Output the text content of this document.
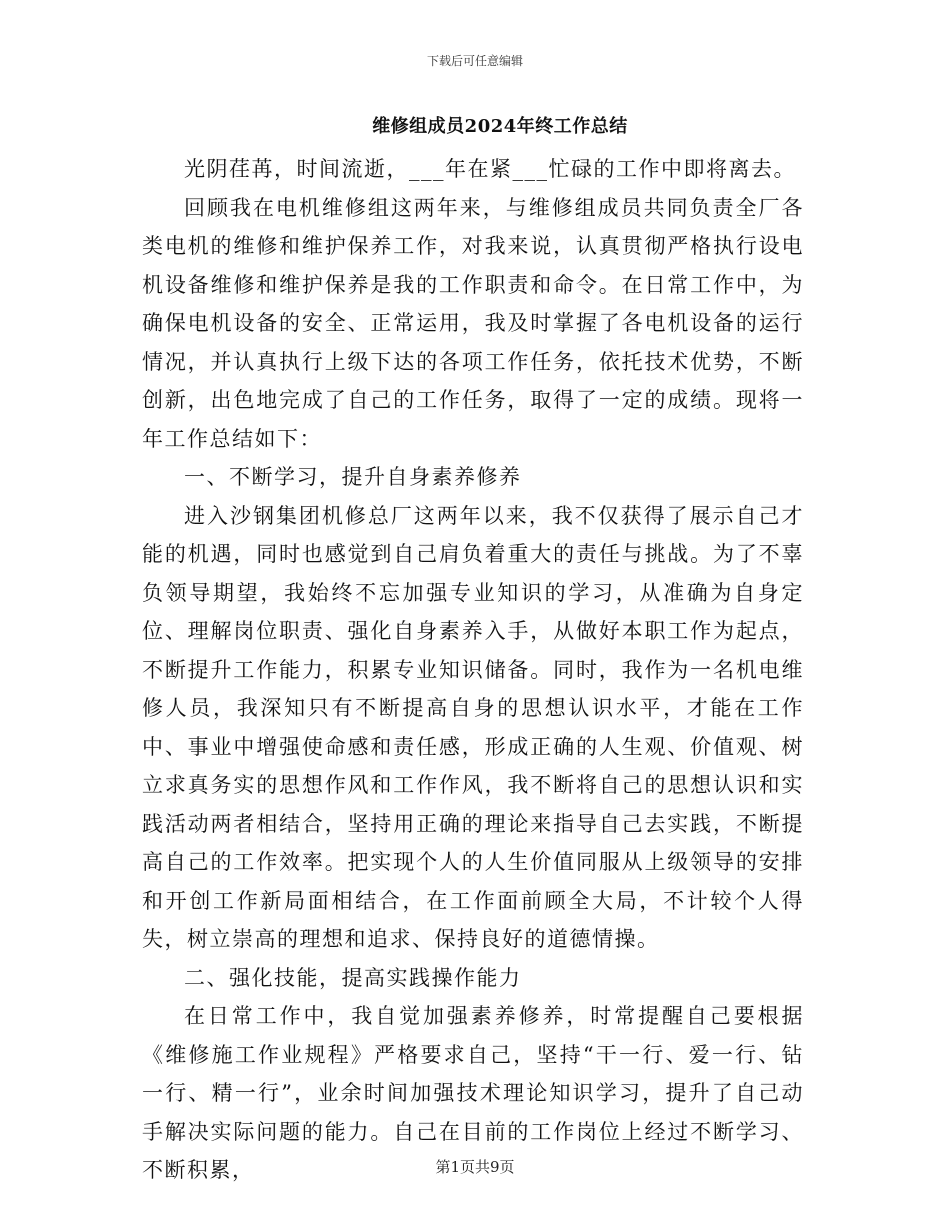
下载后可任意编辑
维修组成员2024年终工作总结

光阴荏苒，时间流逝，___年在紧___忙碌的工作中即将离去。

回顾我在电机维修组这两年来，与维修组成员共同负责全厂各类电机的维修和维护保养工作，对我来说，认真贯彻严格执行设电机设备维修和维护保养是我的工作职责和命令。在日常工作中，为确保电机设备的安全、正常运用，我及时掌握了各电机设备的运行情况，并认真执行上级下达的各项工作任务，依托技术优势，不断创新，出色地完成了自己的工作任务，取得了一定的成绩。现将一年工作总结如下：

一、不断学习，提升自身素养修养

进入沙钢集团机修总厂这两年以来，我不仅获得了展示自己才能的机遇，同时也感觉到自己肩负着重大的责任与挑战。为了不辜负领导期望，我始终不忘加强专业知识的学习，从准确为自身定位、理解岗位职责、强化自身素养入手，从做好本职工作为起点，不断提升工作能力，积累专业知识储备。同时，我作为一名机电维修人员，我深知只有不断提高自身的思想认识水平，才能在工作中、事业中增强使命感和责任感，形成正确的人生观、价值观、树立求真务实的思想作风和工作作风，我不断将自己的思想认识和实践活动两者相结合，坚持用正确的理论来指导自己去实践，不断提高自己的工作效率。把实现个人的人生价值同服从上级领导的安排和开创工作新局面相结合，在工作面前顾全大局，不计较个人得失，树立崇高的理想和追求、保持良好的道德情操。

二、强化技能，提高实践操作能力

在日常工作中，我自觉加强素养修养，时常提醒自己要根据《维修施工作业规程》严格要求自己，坚持“干一行、爱一行、钻一行、精一行”，业余时间加强技术理论知识学习，提升了自己动手解决实际问题的能力。自己在目前的工作岗位上经过不断学习、不断积累，	第1页共9页
